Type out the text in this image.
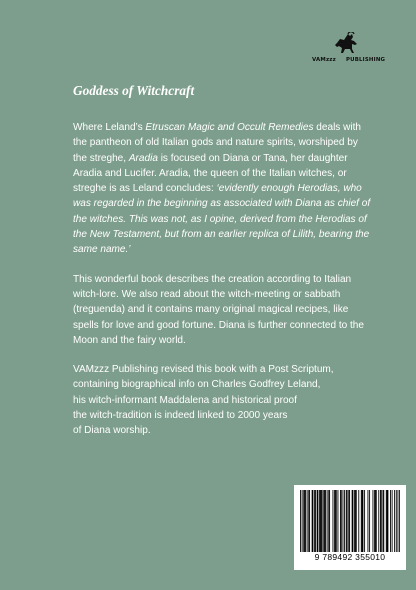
VAMzzz PUBLISHING
Goddess of Witchcraft

Where Leland’s Etruscan Magic and Occult Remedies deals with the pantheon of old Italian gods and nature spirits, worshiped by the streghe, Aradia is focused on Diana or Tana, her daughter Aradia and Lucifer. Aradia, the queen of the Italian witches, or streghe is as Leland concludes: ‘evidently enough Herodias, who was regarded in the beginning as associated with Diana as chief of the witches. This was not, as I opine, derived from the Herodias of the New Testament, but from an earlier replica of Lilith, bearing the same name.’

This wonderful book describes the creation according to Italian witch-lore. We also read about the witch-meeting or sabbath (treguenda) and it contains many original magical recipes, like spells for love and good fortune. Diana is further connected to the Moon and the fairy world.

VAMzzz Publishing revised this book with a Post Scriptum,
containing biographical info on Charles Godfrey Leland,
his witch-informant Maddalena and historical proof
the witch-tradition is indeed linked to 2000 years
of Diana worship.

9 789492 355010
